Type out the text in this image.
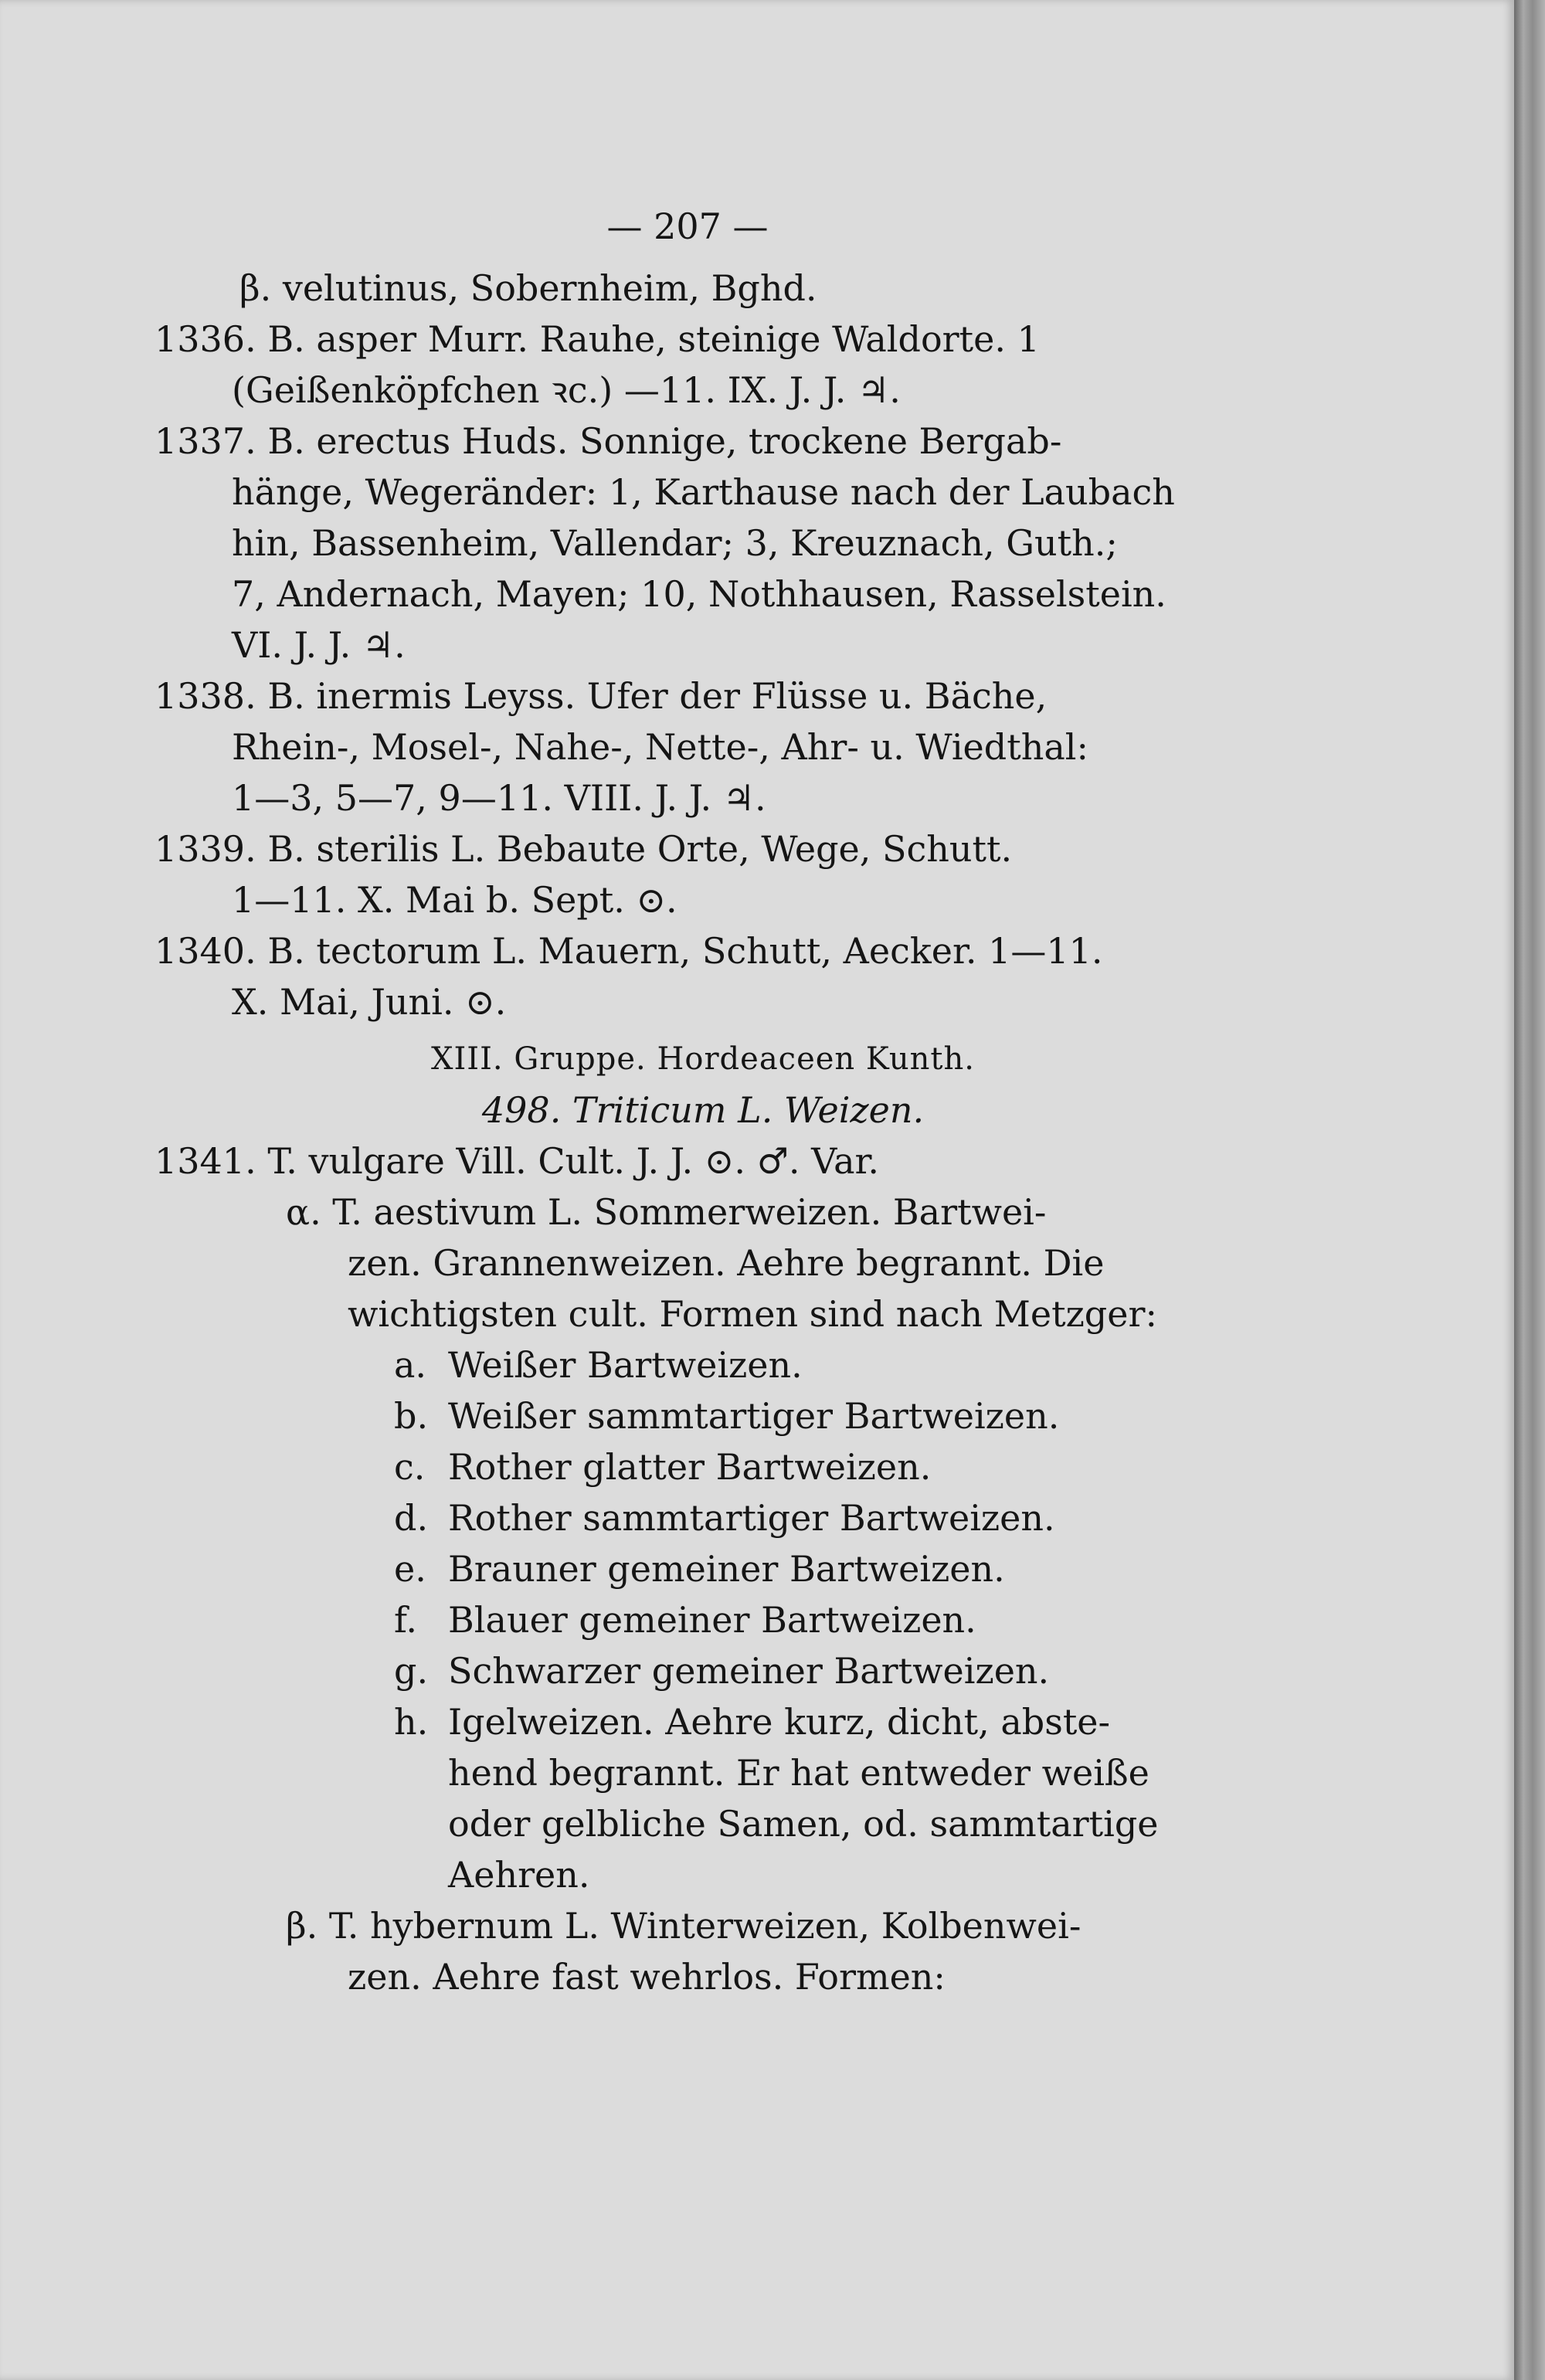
— 207 —
β. velutinus, Sobernheim, Bghd.
1336. B. asper Murr. Rauhe, steinige Waldorte. 1
(Geißenköpfchen ꝛc.) —11. IX. J. J. ♃.
1337. B. erectus Huds. Sonnige, trockene Bergab-
hänge, Wegeränder: 1, Karthause nach der Laubach
hin, Bassenheim, Vallendar; 3, Kreuznach, Guth.;
7, Andernach, Mayen; 10, Nothhausen, Rasselstein.
VI. J. J. ♃.
1338. B. inermis Leyss. Ufer der Flüsse u. Bäche,
Rhein-, Mosel-, Nahe-, Nette-, Ahr- u. Wiedthal:
1—3, 5—7, 9—11. VIII. J. J. ♃.
1339. B. sterilis L. Bebaute Orte, Wege, Schutt.
1—11. X. Mai b. Sept. ⊙.
1340. B. tectorum L. Mauern, Schutt, Aecker. 1—11.
X. Mai, Juni. ⊙.
XIII. Gruppe. Hordeaceen Kunth.
498. Triticum L. Weizen.
1341. T. vulgare Vill. Cult. J. J. ⊙. ♂. Var.
α. T. aestivum L. Sommerweizen. Bartwei-
zen. Grannenweizen. Aehre begrannt. Die
wichtigsten cult. Formen sind nach Metzger:
a. Weißer Bartweizen.
b. Weißer sammtartiger Bartweizen.
c. Rother glatter Bartweizen.
d. Rother sammtartiger Bartweizen.
e. Brauner gemeiner Bartweizen.
f. Blauer gemeiner Bartweizen.
g. Schwarzer gemeiner Bartweizen.
h. Igelweizen. Aehre kurz, dicht, abste-
hend begrannt. Er hat entweder weiße
oder gelbliche Samen, od. sammtartige
Aehren.
β. T. hybernum L. Winterweizen, Kolbenwei-
zen. Aehre fast wehrlos. Formen:
